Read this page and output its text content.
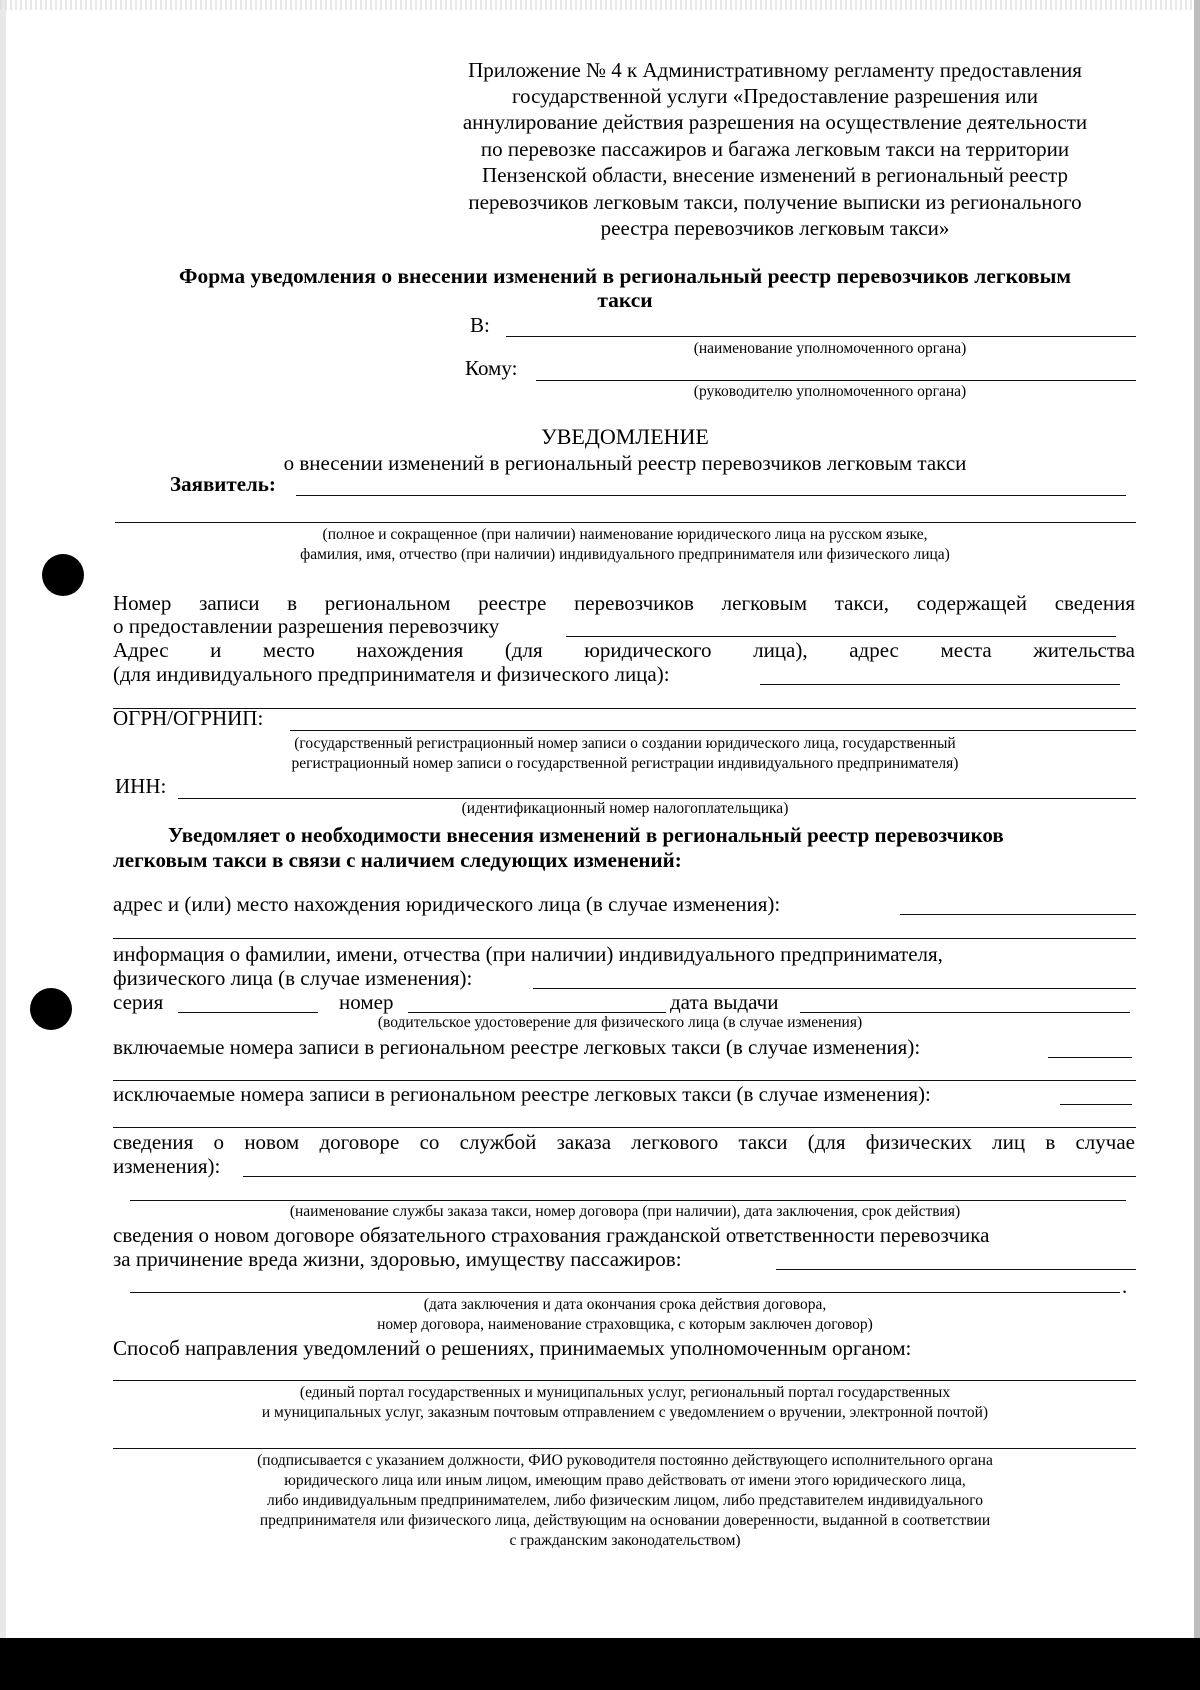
Приложение № 4 к Административному регламенту предоставления
государственной услуги «Предоставление разрешения или
аннулирование действия разрешения на осуществление деятельности
по перевозке пассажиров и багажа легковым такси на территории
Пензенской области, внесение изменений в региональный реестр
перевозчиков легковым такси, получение выписки из регионального
реестра перевозчиков легковым такси»
Форма уведомления о внесении изменений в региональный реестр перевозчиков легковым
такси
В:
(наименование уполномоченного органа)
Кому:
(руководителю уполномоченного органа)
УВЕДОМЛЕНИЕ
о внесении изменений в региональный реестр перевозчиков легковым такси
Заявитель:
(полное и сокращенное (при наличии) наименование юридического лица на русском языке,
фамилия, имя, отчество (при наличии) индивидуального предпринимателя или физического лица)
Номер записи в региональном реестре перевозчиков легковым такси, содержащей сведения
о предоставлении разрешения перевозчику
Адрес и место нахождения (для юридического лица), адрес места жительства
(для индивидуального предпринимателя и физического лица):
ОГРН/ОГРНИП:
(государственный регистрационный номер записи о создании юридического лица, государственный
регистрационный номер записи о государственной регистрации индивидуального предпринимателя)
ИНН:
(идентификационный номер налогоплательщика)
Уведомляет о необходимости внесения изменений в региональный реестр перевозчиков
легковым такси в связи с наличием следующих изменений:
адрес и (или) место нахождения юридического лица (в случае изменения):
информация о фамилии, имени, отчества (при наличии) индивидуального предпринимателя,
физического лица (в случае изменения):
серия	номер	дата выдачи
(водительское удостоверение для физического лица (в случае изменения)
включаемые номера записи в региональном реестре легковых такси (в случае изменения):
исключаемые номера записи в региональном реестре легковых такси (в случае изменения):
сведения о новом договоре со службой заказа легкового такси (для физических лиц в случае
изменения):
(наименование службы заказа такси, номер договора (при наличии), дата заключения, срок действия)
сведения о новом договоре обязательного страхования гражданской ответственности перевозчика
за причинение вреда жизни, здоровью, имуществу пассажиров:
.
(дата заключения и дата окончания срока действия договора,
номер договора, наименование страховщика, с которым заключен договор)
Способ направления уведомлений о решениях, принимаемых уполномоченным органом:
(единый портал государственных и муниципальных услуг, региональный портал государственных
и муниципальных услуг, заказным почтовым отправлением с уведомлением о вручении, электронной почтой)
(подписывается с указанием должности, ФИО руководителя постоянно действующего исполнительного органа
юридического лица или иным лицом, имеющим право действовать от имени этого юридического лица,
либо индивидуальным предпринимателем, либо физическим лицом, либо представителем индивидуального
предпринимателя или физического лица, действующим на основании доверенности, выданной в соответствии
с гражданским законодательством)
